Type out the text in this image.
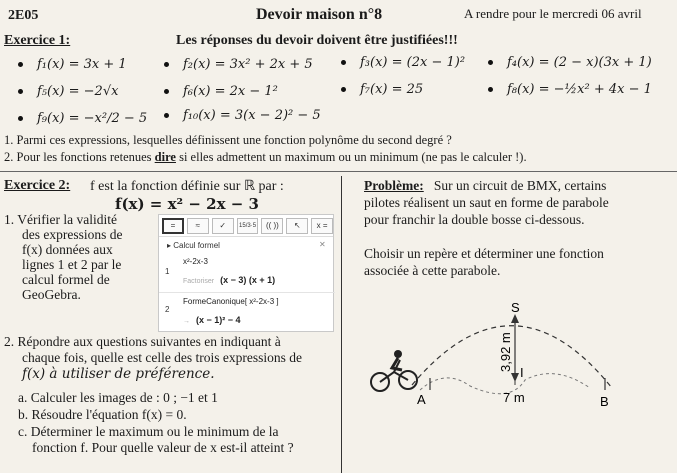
2E05	Devoir maison n°8	A rendre pour le mercredi 06 avril
Exercice 1:	Les réponses du devoir doivent être justifiées!!!
f₁(x) = 3x + 1	f₂(x) = 3x² + 2x + 5	f₃(x) = (2x − 1)²	f₄(x) = (2 − x)(3x + 1)
f₅(x) = −2√x	f₆(x) = 2x − 1²	f₇(x) = 25	f₈(x) = −½x² + 4x − 1
f₉(x) = −x²/2 − 5	f₁₀(x) = 3(x − 2)² − 5
1. Parmi ces expressions, lesquelles définissent une fonction polynôme du second degré ?
2. Pour les fonctions retenues dire si elles admettent un maximum ou un minimum (ne pas le calculer !).
Exercice 2: f est la fonction définie sur ℝ par :
f(x) = x² − 2x − 3
1. Vérifier la validité
des expressions de
f(x) données aux
lignes 1 et 2 par le
calcul formel de
GeoGebra.
=	≈	✓	15/3·5	(( ))	↖	x =
▸ Calcul formel	✕
1
x²-2x-3
Factoriser (x − 3) (x + 1)
2
FormeCanonique[ x²-2x-3 ]
→ (x − 1)² − 4
2. Répondre aux questions suivantes en indiquant à
chaque fois, quelle est celle des trois expressions de
f(x) à utiliser de préférence.
a. Calculer les images de : 0 ; −1 et 1
b. Résoudre l'équation f(x) = 0.
c. Déterminer le maximum ou le minimum de la
fonction f. Pour quelle valeur de x est-il atteint ?
Problème: Sur un circuit de BMX, certains
pilotes réalisent un saut en forme de parabole
pour franchir la double bosse ci-dessous.
Choisir un repère et déterminer une fonction
associée à cette parabole.
S
I
A	B
7 m
3,92 m
